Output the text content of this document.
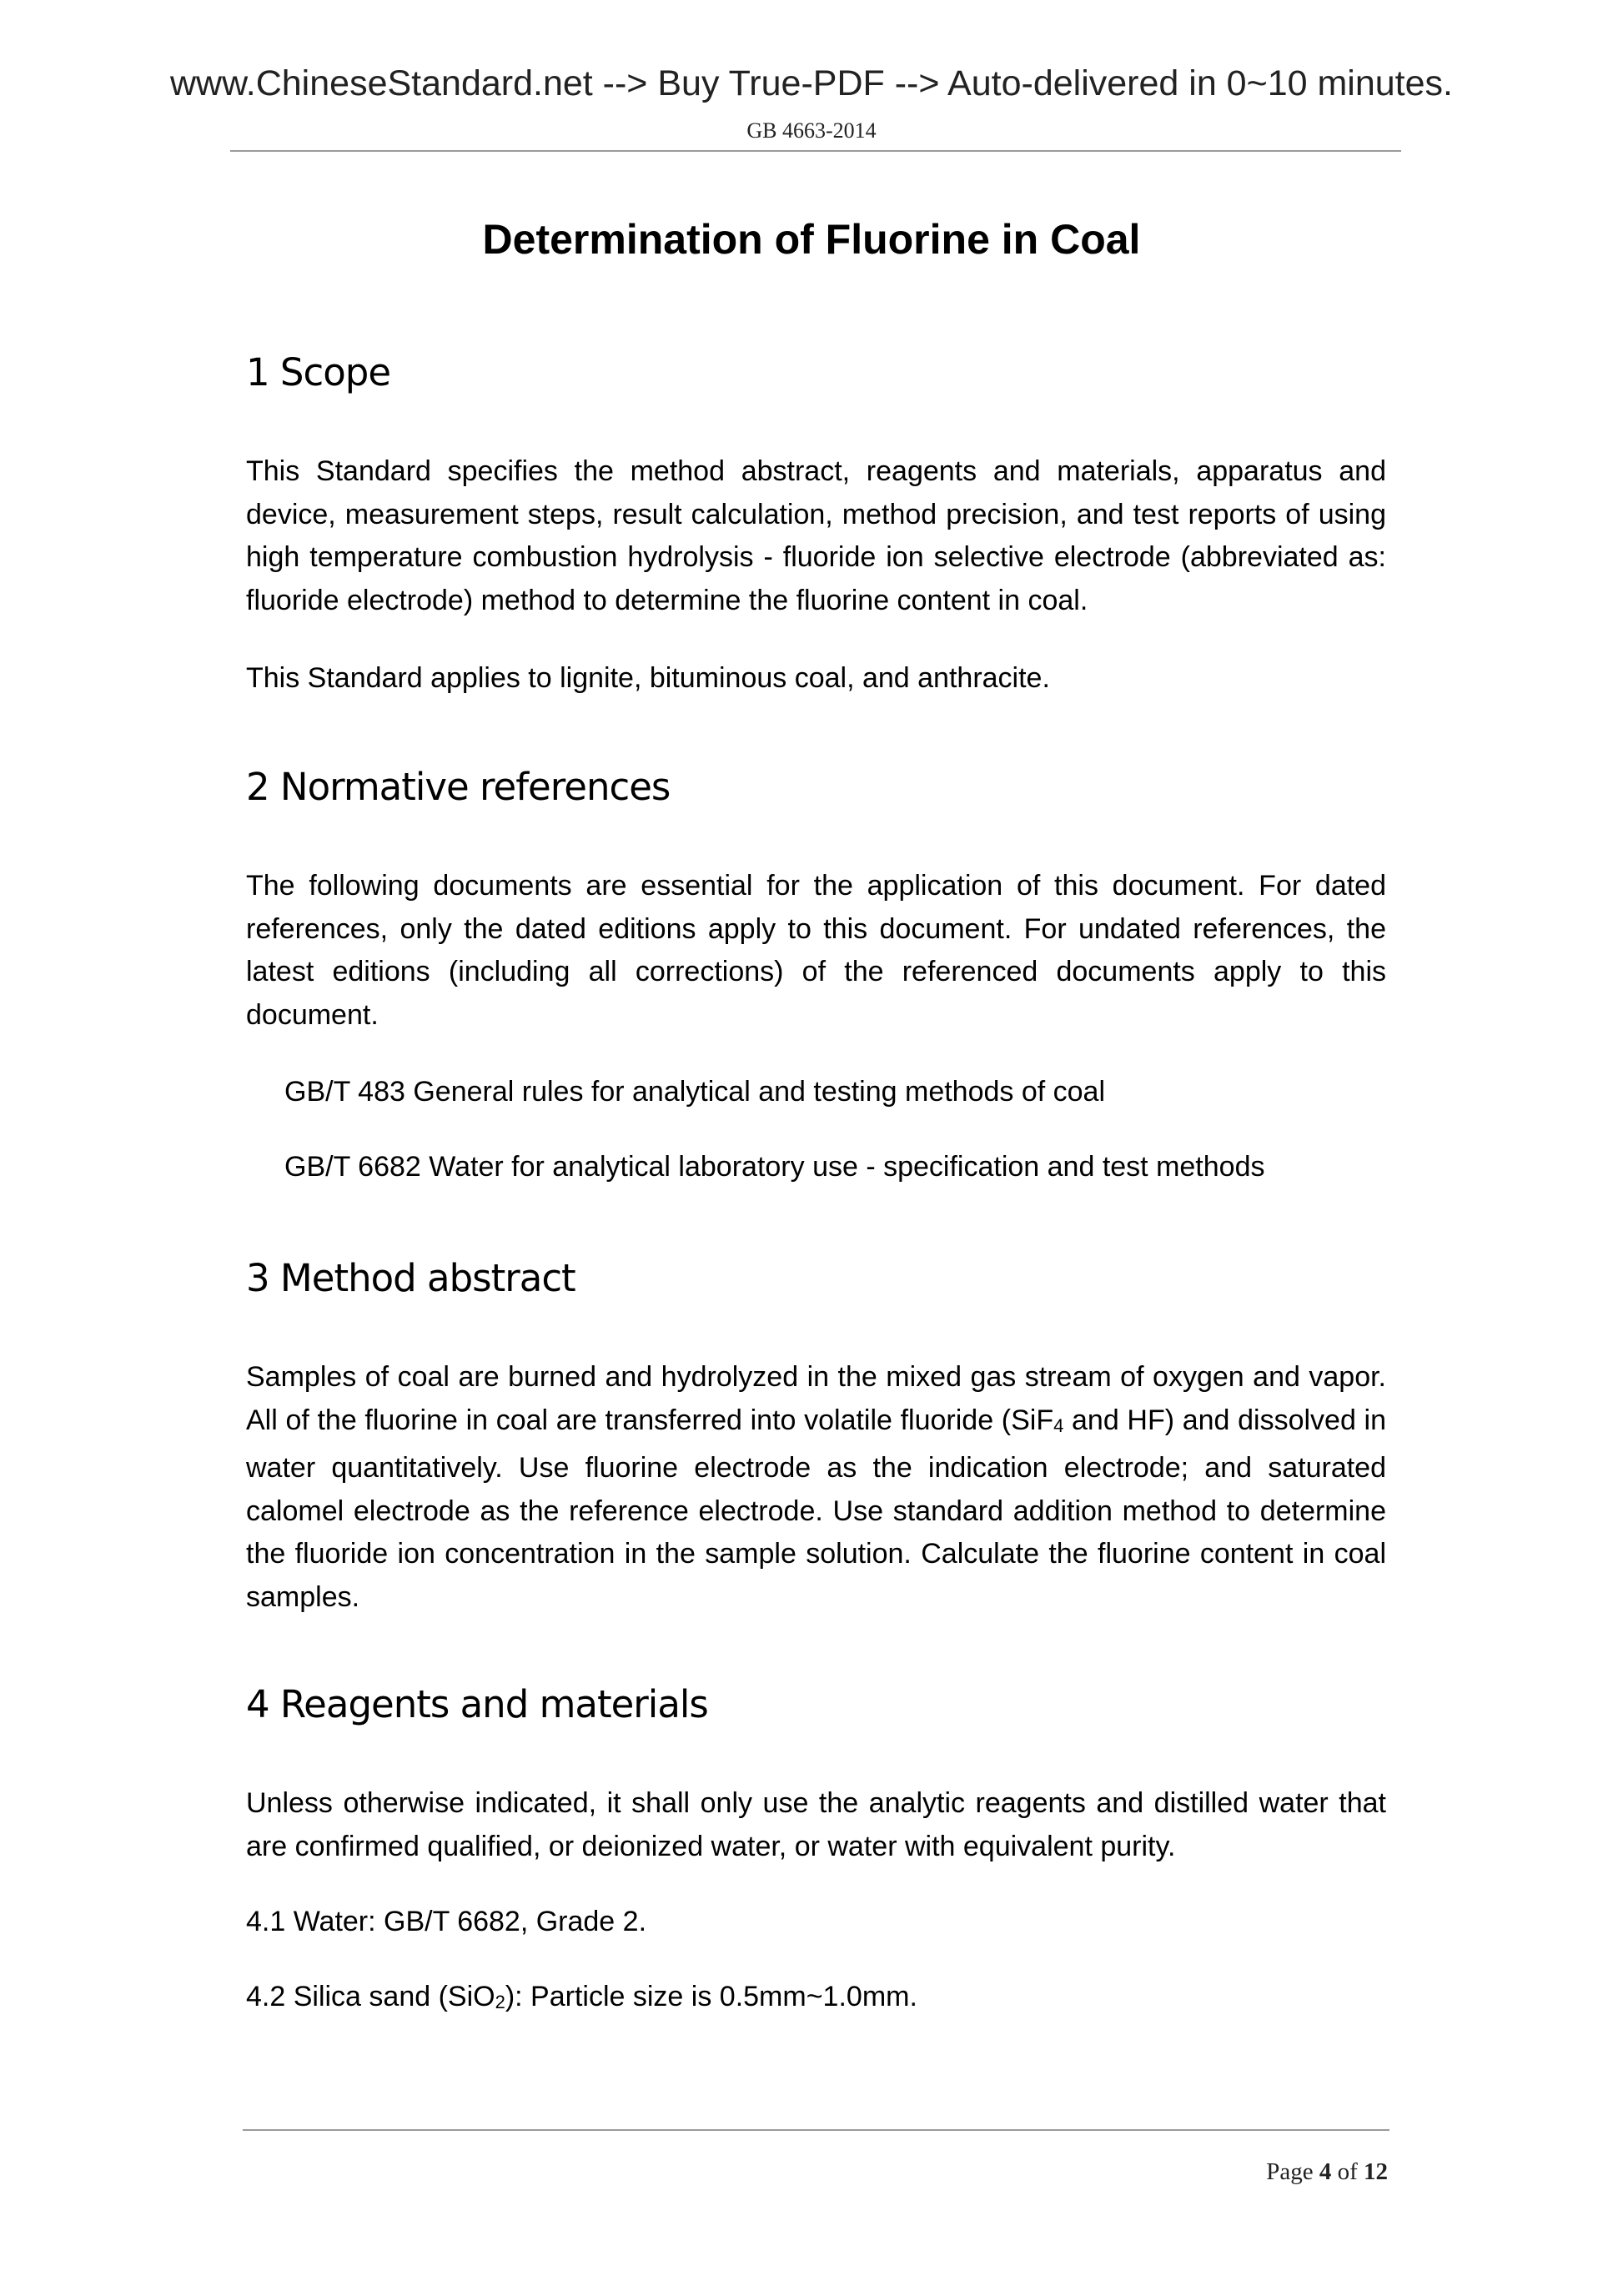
www.ChineseStandard.net --> Buy True-PDF --> Auto-delivered in 0~10 minutes.
GB 4663-2014
Determination of Fluorine in Coal
1 Scope
This Standard specifies the method abstract, reagents and materials, apparatus and device, measurement steps, result calculation, method precision, and test reports of using high temperature combustion hydrolysis - fluoride ion selective electrode (abbreviated as: fluoride electrode) method to determine the fluorine content in coal.
This Standard applies to lignite, bituminous coal, and anthracite.
2 Normative references
The following documents are essential for the application of this document. For dated references, only the dated editions apply to this document. For undated references, the latest editions (including all corrections) of the referenced documents apply to this document.
GB/T 483 General rules for analytical and testing methods of coal
GB/T 6682 Water for analytical laboratory use - specification and test methods
3 Method abstract
Samples of coal are burned and hydrolyzed in the mixed gas stream of oxygen and vapor. All of the fluorine in coal are transferred into volatile fluoride (SiF$_4$ and HF) and dissolved in water quantitatively. Use fluorine electrode as the indication electrode; and saturated calomel electrode as the reference electrode. Use standard addition method to determine the fluoride ion concentration in the sample solution. Calculate the fluorine content in coal samples.
4 Reagents and materials
Unless otherwise indicated, it shall only use the analytic reagents and distilled water that are confirmed qualified, or deionized water, or water with equivalent purity.
4.1 Water: GB/T 6682, Grade 2.
4.2 Silica sand (SiO$_2$): Particle size is 0.5mm~1.0mm.
Page 4 of 12
